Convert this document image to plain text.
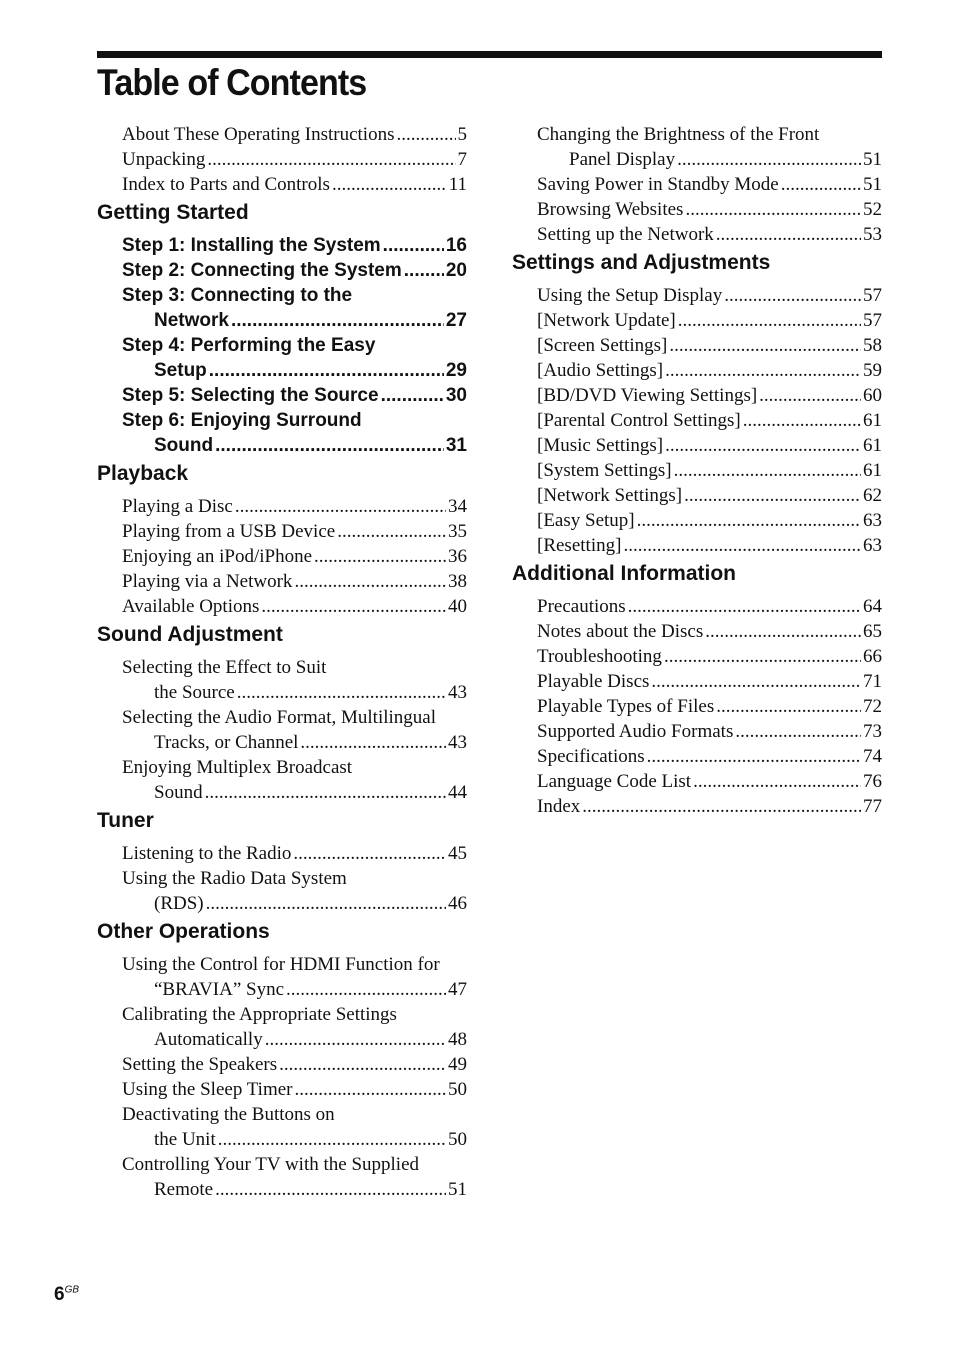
Table of Contents
About These Operating Instructions .....	5
Unpacking .....	7
Index to Parts and Controls .....	11
Getting Started
Step 1: Installing the System .....	16
Step 2: Connecting the System ..... 20
Step 3: Connecting to the
Network .....	27
Step 4: Performing the Easy
Setup .....	29
Step 5: Selecting the Source .....	30
Step 6: Enjoying Surround
Sound .....	31
Playback
Playing a Disc .....	34
Playing from a USB Device .....	35
Enjoying an iPod/iPhone .....	36
Playing via a Network .....	38
Available Options .....	40
Sound Adjustment
Selecting the Effect to Suit
the Source .....	43
Selecting the Audio Format, Multilingual
Tracks, or Channel .....	43
Enjoying Multiplex Broadcast
Sound .....	44
Tuner
Listening to the Radio .....	45
Using the Radio Data System
(RDS) .....	46
Other Operations
Using the Control for HDMI Function for
“BRAVIA” Sync .....	47
Calibrating the Appropriate Settings
Automatically .....	48
Setting the Speakers .....	49
Using the Sleep Timer .....	50
Deactivating the Buttons on
the Unit .....	50
Controlling Your TV with the Supplied
Remote .....	51
Changing the Brightness of the Front
Panel Display .....	51
Saving Power in Standby Mode .....	51
Browsing Websites .....	52
Setting up the Network .....	53
Settings and Adjustments
Using the Setup Display .....	57
[Network Update] .....	57
[Screen Settings] .....	58
[Audio Settings] .....	59
[BD/DVD Viewing Settings] .....	60
[Parental Control Settings] .....	61
[Music Settings] .....	61
[System Settings] .....	61
[Network Settings] .....	62
[Easy Setup] .....	63
[Resetting] .....	63
Additional Information
Precautions .....	64
Notes about the Discs .....	65
Troubleshooting .....	66
Playable Discs .....	71
Playable Types of Files .....	72
Supported Audio Formats .....	73
Specifications .....	74
Language Code List .....	76
Index .....	77
$6^{GB}$
